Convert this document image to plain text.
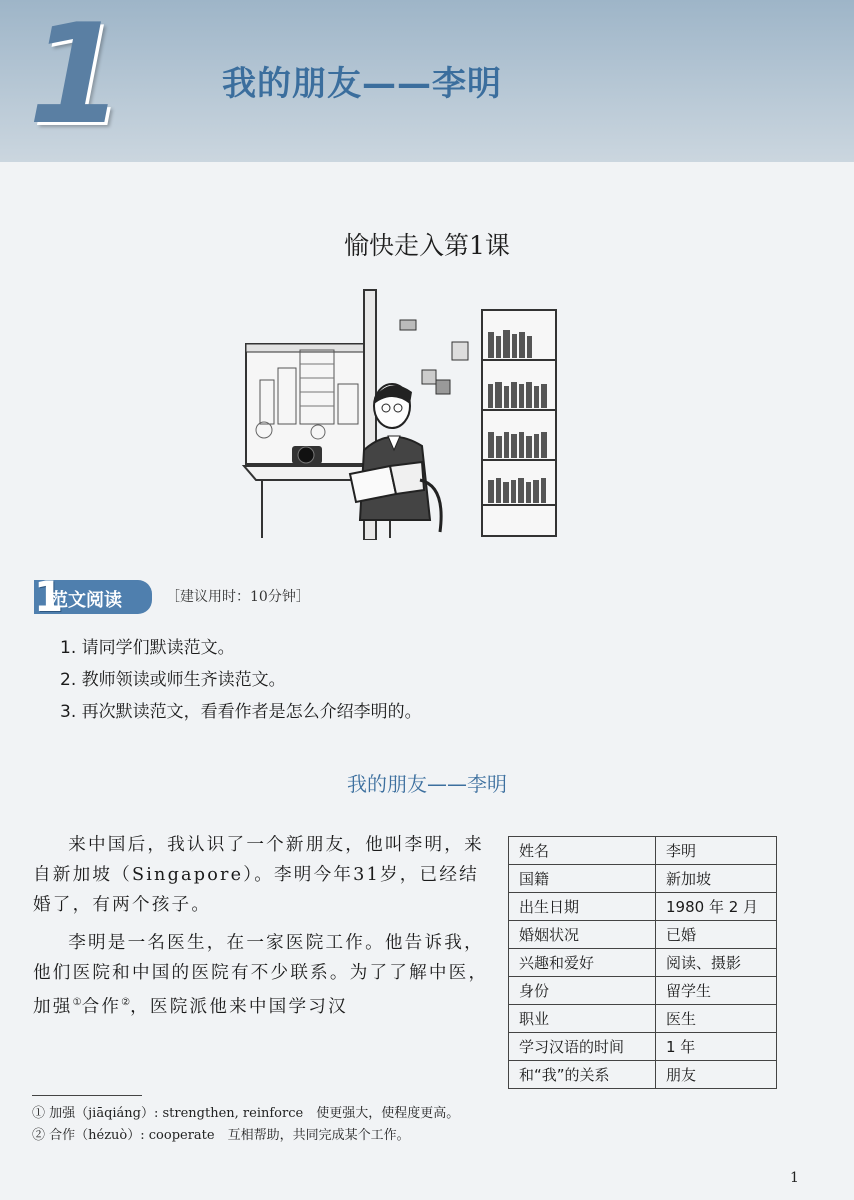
1	我的朋友——李明
愉快走入第1课
1
范文阅读	［建议用时：10分钟］
1. 请同学们默读范文。
2. 教师领读或师生齐读范文。
3. 再次默读范文，看看作者是怎么介绍李明的。
我的朋友——李明

来中国后，我认识了一个新朋友，他叫李明，来自新加坡（Singapore）。李明今年31岁，已经结婚了，有两个孩子。

李明是一名医生，在一家医院工作。他告诉我，他们医院和中国的医院有不少联系。为了了解中医，加强①合作②，医院派他来中国学习汉

姓名	李明
国籍	新加坡
出生日期	1980 年 2 月
婚姻状况	已婚
兴趣和爱好	阅读、摄影
身份	留学生
职业	医生
学习汉语的时间	1 年
和“我”的关系	朋友
① 加强（jiāqiáng）: strengthen, reinforce　使更强大，使程度更高。
② 合作（hézuò）: cooperate　互相帮助，共同完成某个工作。
1
